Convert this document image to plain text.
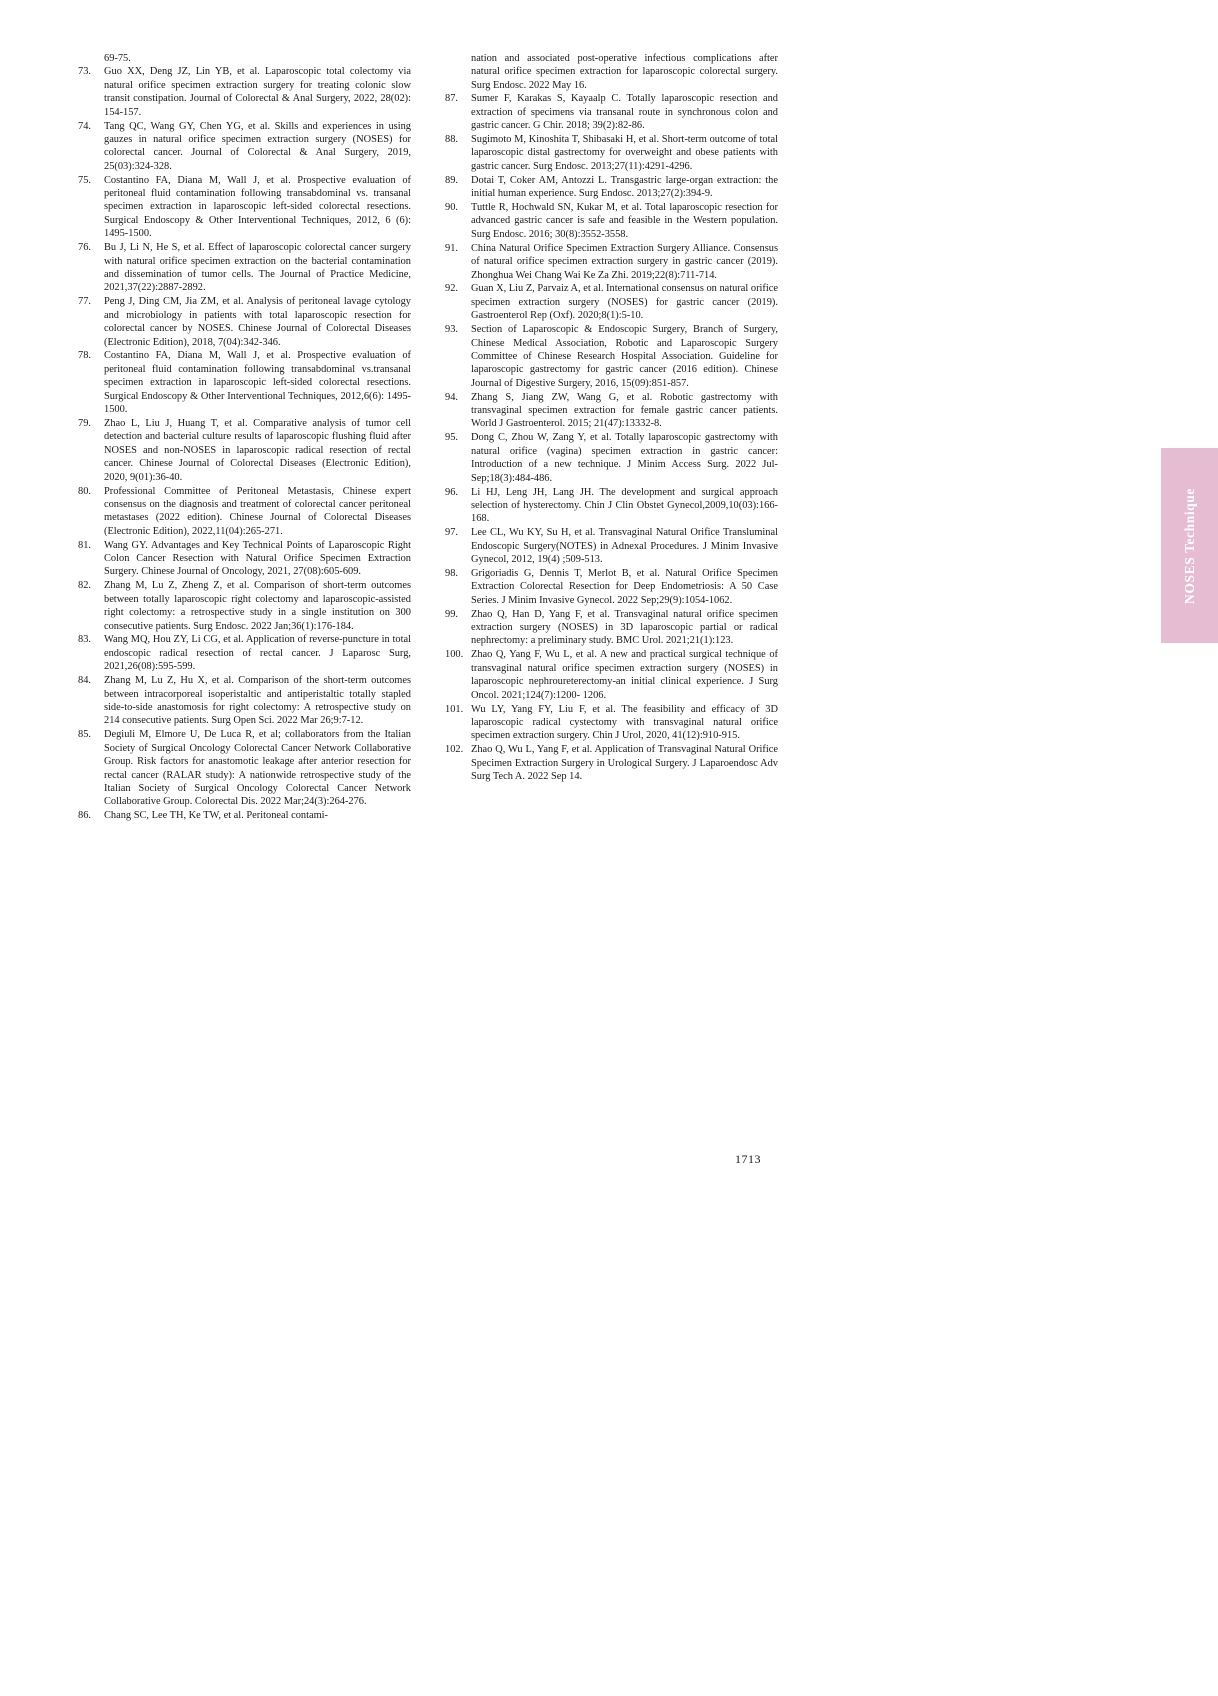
69-75.

73.	Guo XX, Deng JZ, Lin YB, et al. Laparoscopic total colectomy via natural orifice specimen extraction surgery for treating colonic slow transit constipation. Journal of Colorectal & Anal Surgery, 2022, 28(02): 154-157.
74.	Tang QC, Wang GY, Chen YG, et al. Skills and experiences in using gauzes in natural orifice specimen extraction surgery (NOSES) for colorectal cancer. Journal of Colorectal & Anal Surgery, 2019, 25(03):324-328.
75.	Costantino FA, Diana M, Wall J, et al. Prospective evaluation of peritoneal fluid contamination following transabdominal vs. transanal specimen extraction in laparoscopic left-sided colorectal resections. Surgical Endoscopy & Other Interventional Techniques, 2012, 6 (6): 1495-1500.
76.	Bu J, Li N, He S, et al. Effect of laparoscopic colorectal cancer surgery with natural orifice specimen extraction on the bacterial contamination and dissemination of tumor cells. The Journal of Practice Medicine, 2021,37(22):2887-2892.
77.	Peng J, Ding CM, Jia ZM, et al. Analysis of peritoneal lavage cytology and microbiology in patients with total laparoscopic resection for colorectal cancer by NOSES. Chinese Journal of Colorectal Diseases (Electronic Edition), 2018, 7(04):342-346.
78.	Costantino FA, Diana M, Wall J, et al. Prospective evaluation of peritoneal fluid contamination following transabdominal vs.transanal specimen extraction in laparoscopic left-sided colorectal resections. Surgical Endoscopy & Other Interventional Techniques, 2012,6(6): 1495-1500.
79.	Zhao L, Liu J, Huang T, et al. Comparative analysis of tumor cell detection and bacterial culture results of laparoscopic flushing fluid after NOSES and non-NOSES in laparoscopic radical resection of rectal cancer. Chinese Journal of Colorectal Diseases (Electronic Edition), 2020, 9(01):36-40.
80.	Professional Committee of Peritoneal Metastasis, Chinese expert consensus on the diagnosis and treatment of colorectal cancer peritoneal metastases (2022 edition). Chinese Journal of Colorectal Diseases (Electronic Edition), 2022,11(04):265-271.
81.	Wang GY. Advantages and Key Technical Points of Laparoscopic Right Colon Cancer Resection with Natural Orifice Specimen Extraction Surgery. Chinese Journal of Oncology, 2021, 27(08):605-609.
82.	Zhang M, Lu Z, Zheng Z, et al. Comparison of short-term outcomes between totally laparoscopic right colectomy and laparoscopic-assisted right colectomy: a retrospective study in a single institution on 300 consecutive patients. Surg Endosc. 2022 Jan;36(1):176-184.
83.	Wang MQ, Hou ZY, Li CG, et al. Application of reverse-puncture in total endoscopic radical resection of rectal cancer. J Laparosc Surg, 2021,26(08):595-599.
84.	Zhang M, Lu Z, Hu X, et al. Comparison of the short-term outcomes between intracorporeal isoperistaltic and antiperistaltic totally stapled side-to-side anastomosis for right colectomy: A retrospective study on 214 consecutive patients. Surg Open Sci. 2022 Mar 26;9:7-12.
85.	Degiuli M, Elmore U, De Luca R, et al; collaborators from the Italian Society of Surgical Oncology Colorectal Cancer Network Collaborative Group. Risk factors for anastomotic leakage after anterior resection for rectal cancer (RALAR study): A nationwide retrospective study of the Italian Society of Surgical Oncology Colorectal Cancer Network Collaborative Group. Colorectal Dis. 2022 Mar;24(3):264-276.
86.	Chang SC, Lee TH, Ke TW, et al. Peritoneal contami-

nation and associated post-operative infectious complications after natural orifice specimen extraction for laparoscopic colorectal surgery. Surg Endosc. 2022 May 16.

87.	Sumer F, Karakas S, Kayaalp C. Totally laparoscopic resection and extraction of specimens via transanal route in synchronous colon and gastric cancer. G Chir. 2018; 39(2):82-86.
88.	Sugimoto M, Kinoshita T, Shibasaki H, et al. Short-term outcome of total laparoscopic distal gastrectomy for overweight and obese patients with gastric cancer. Surg Endosc. 2013;27(11):4291-4296.
89.	Dotai T, Coker AM, Antozzi L. Transgastric large-organ extraction: the initial human experience. Surg Endosc. 2013;27(2):394-9.
90.	Tuttle R, Hochwald SN, Kukar M, et al. Total laparoscopic resection for advanced gastric cancer is safe and feasible in the Western population. Surg Endosc. 2016; 30(8):3552-3558.
91.	China Natural Orifice Specimen Extraction Surgery Alliance. Consensus of natural orifice specimen extraction surgery in gastric cancer (2019). Zhonghua Wei Chang Wai Ke Za Zhi. 2019;22(8):711-714.
92.	Guan X, Liu Z, Parvaiz A, et al. International consensus on natural orifice specimen extraction surgery (NOSES) for gastric cancer (2019). Gastroenterol Rep (Oxf). 2020;8(1):5-10.
93.	Section of Laparoscopic & Endoscopic Surgery, Branch of Surgery, Chinese Medical Association, Robotic and Laparoscopic Surgery Committee of Chinese Research Hospital Association. Guideline for laparoscopic gastrectomy for gastric cancer (2016 edition). Chinese Journal of Digestive Surgery, 2016, 15(09):851-857.
94.	Zhang S, Jiang ZW, Wang G, et al. Robotic gastrectomy with transvaginal specimen extraction for female gastric cancer patients. World J Gastroenterol. 2015; 21(47):13332-8.
95.	Dong C, Zhou W, Zang Y, et al. Totally laparoscopic gastrectomy with natural orifice (vagina) specimen extraction in gastric cancer: Introduction of a new technique. J Minim Access Surg. 2022 Jul-Sep;18(3):484-486.
96.	Li HJ, Leng JH, Lang JH. The development and surgical approach selection of hysterectomy. Chin J Clin Obstet Gynecol,2009,10(03):166-168.
97.	Lee CL, Wu KY, Su H, et al. Transvaginal Natural Orifice Transluminal Endoscopic Surgery(NOTES) in Adnexal Procedures. J Minim Invasive Gynecol, 2012, 19(4) ;509-513.
98.	Grigoriadis G, Dennis T, Merlot B, et al. Natural Orifice Specimen Extraction Colorectal Resection for Deep Endometriosis: A 50 Case Series. J Minim Invasive Gynecol. 2022 Sep;29(9):1054-1062.
99.	Zhao Q, Han D, Yang F, et al. Transvaginal natural orifice specimen extraction surgery (NOSES) in 3D laparoscopic partial or radical nephrectomy: a preliminary study. BMC Urol. 2021;21(1):123.
100. Zhao Q, Yang F, Wu L, et al. A new and practical surgical technique of transvaginal natural orifice specimen extraction surgery (NOSES) in laparoscopic nephroureterectomy-an initial clinical experience. J Surg Oncol. 2021;124(7):1200- 1206.
101. Wu LY, Yang FY, Liu F, et al. The feasibility and efficacy of 3D laparoscopic radical cystectomy with transvaginal natural orifice specimen extraction surgery. Chin J Urol, 2020, 41(12):910-915.
102. Zhao Q, Wu L, Yang F, et al. Application of Transvaginal Natural Orifice Specimen Extraction Surgery in Urological Surgery. J Laparoendosc Adv Surg Tech A. 2022 Sep 14.
NOSES Technique
1713
